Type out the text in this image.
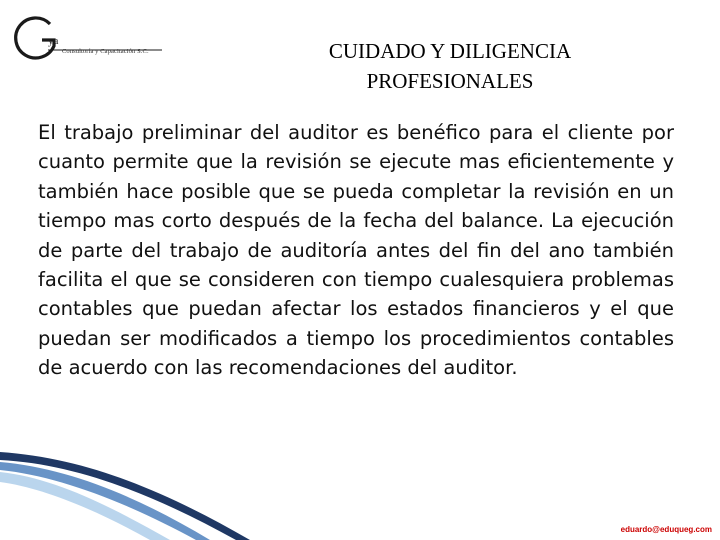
ya
Consultoría y Capacitación S.C.	CUIDADO Y DILIGENCIA
PROFESIONALES

El trabajo preliminar del auditor es benéfico para el cliente por cuanto permite que la revisión se ejecute mas eficientemente y también hace posible que se pueda completar la revisión en un tiempo mas corto después de la fecha del balance. La ejecución de parte del trabajo de auditoría antes del fin del ano también facilita el que se consideren con tiempo cualesquiera problemas contables que puedan afectar los estados financieros y el que puedan ser modificados a tiempo los procedimientos contables de acuerdo con las recomendaciones del auditor.

eduardo@eduqueg.com
